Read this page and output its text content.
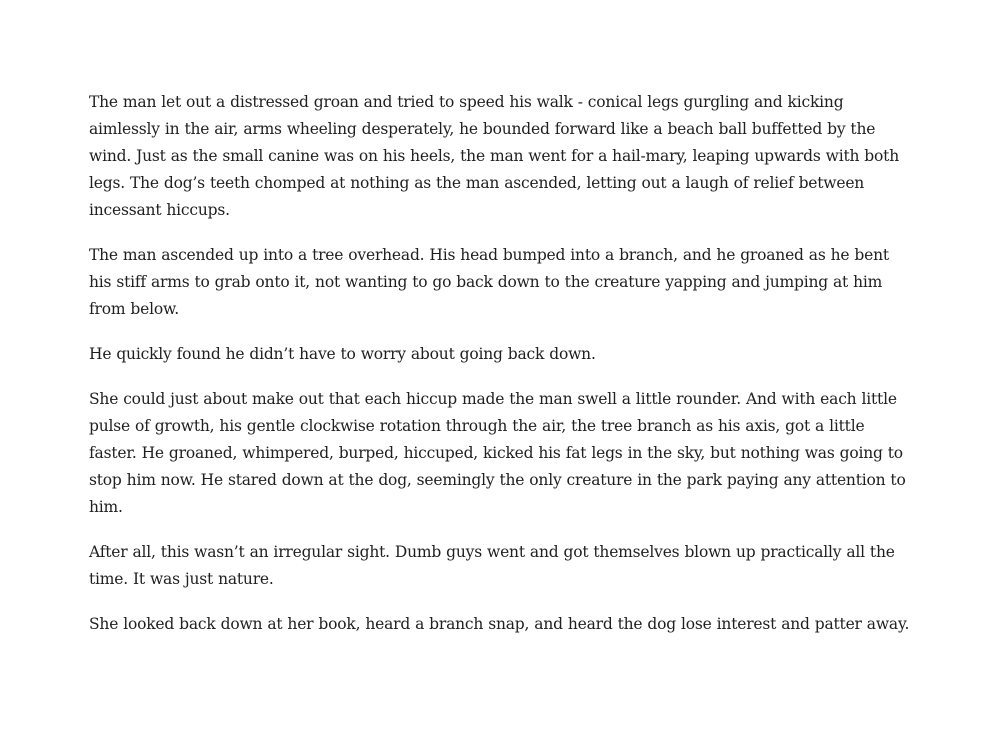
The man let out a distressed groan and tried to speed his walk - conical legs gurgling and kicking aimlessly in the air, arms wheeling desperately, he bounded forward like a beach ball buffetted by the wind. Just as the small canine was on his heels, the man went for a hail-mary, leaping upwards with both legs. The dog’s teeth chomped at nothing as the man ascended, letting out a laugh of relief between incessant hiccups.

The man ascended up into a tree overhead. His head bumped into a branch, and he groaned as he bent his stiff arms to grab onto it, not wanting to go back down to the creature yapping and jumping at him from below.

He quickly found he didn’t have to worry about going back down.

She could just about make out that each hiccup made the man swell a little rounder. And with each little pulse of growth, his gentle clockwise rotation through the air, the tree branch as his axis, got a little faster. He groaned, whimpered, burped, hiccuped, kicked his fat legs in the sky, but nothing was going to stop him now. He stared down at the dog, seemingly the only creature in the park paying any attention to him.

After all, this wasn’t an irregular sight. Dumb guys went and got themselves blown up practically all the time. It was just nature.

She looked back down at her book, heard a branch snap, and heard the dog lose interest and patter away.
